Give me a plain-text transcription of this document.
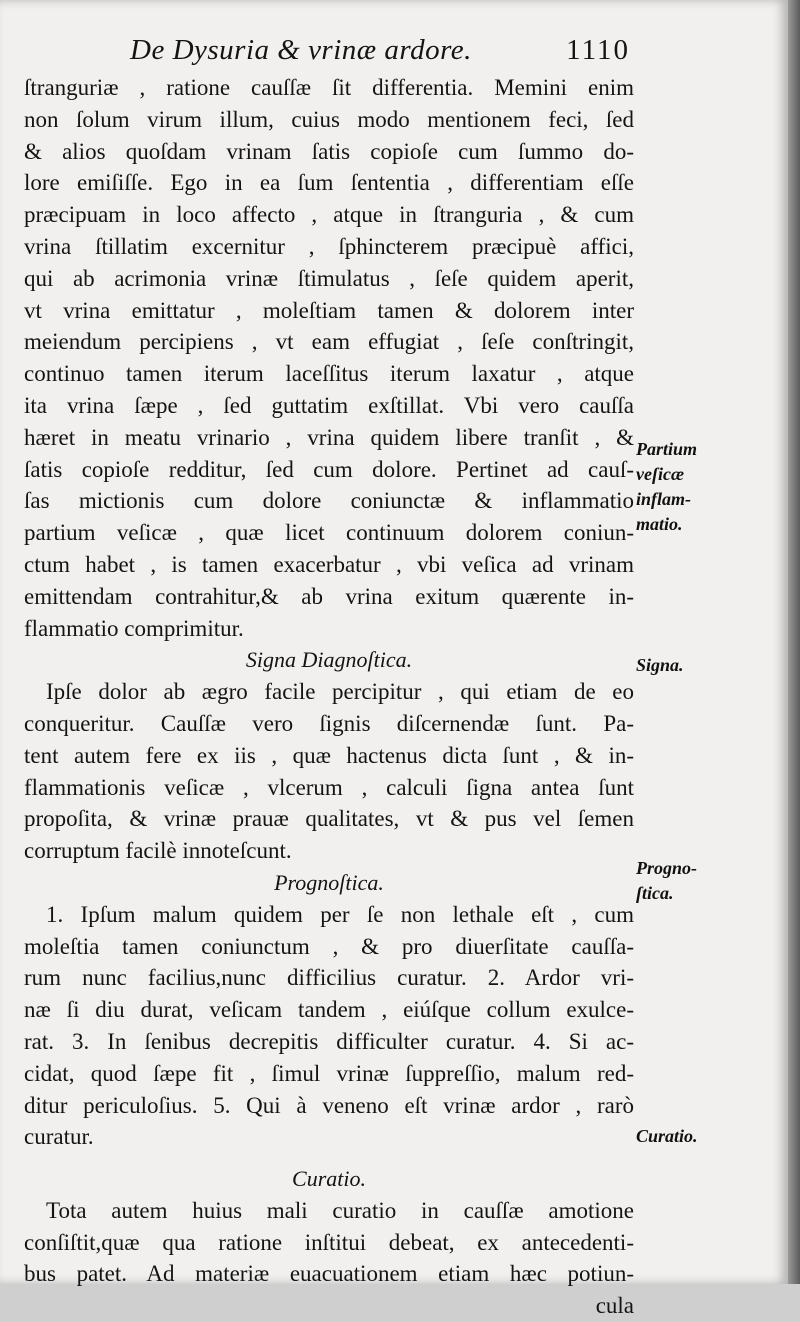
De Dysuria & vrinæ ardore.	1110
ſtranguriæ , ratione cauſſæ ſit differentia. Memini enim
non ſolum virum illum, cuius modo mentionem feci, ſed
& alios quoſdam vrinam ſatis copioſe cum ſummo do-
lore emiſiſſe. Ego in ea ſum ſententia , differentiam eſſe
præcipuam in loco affecto , atque in ſtranguria , & cum
vrina ſtillatim excernitur , ſphincterem præcipuè affici,
qui ab acrimonia vrinæ ſtimulatus , ſeſe quidem aperit,
vt vrina emittatur , moleſtiam tamen & dolorem inter
meiendum percipiens , vt eam effugiat , ſeſe conſtringit,
continuo tamen iterum laceſſitus iterum laxatur , atque
ita vrina ſæpe , ſed guttatim exſtillat. Vbi vero cauſſa
hæret in meatu vrinario , vrina quidem libere tranſit , &
ſatis copioſe redditur, ſed cum dolore. Pertinet ad cauſ-
ſas mictionis cum dolore coniunctæ & inflammatio
partium veſicæ , quæ licet continuum dolorem coniun-
ctum habet , is tamen exacerbatur , vbi veſica ad vrinam
emittendam contrahitur,& ab vrina exitum quærente in-
flammatio comprimitur.
Signa Diagnoſtica.
Ipſe dolor ab ægro facile percipitur , qui etiam de eo
conqueritur. Cauſſæ vero ſignis diſcernendæ ſunt. Pa-
tent autem fere ex iis , quæ hactenus dicta ſunt , & in-
flammationis veſicæ , vlcerum , calculi ſigna antea ſunt
propoſita, & vrinæ prauæ qualitates, vt & pus vel ſemen
corruptum facilè innoteſcunt.
Prognoſtica.
1. Ipſum malum quidem per ſe non lethale eſt , cum
moleſtia tamen coniunctum , & pro diuerſitate cauſſa-
rum nunc facilius,nunc difficilius curatur. 2. Ardor vri-
næ ſi diu durat, veſicam tandem , eiúſque collum exulce-
rat. 3. In ſenibus decrepitis difficulter curatur. 4. Si ac-
cidat, quod ſæpe fit , ſimul vrinæ ſuppreſſio, malum red-
ditur periculoſius. 5. Qui à veneno eſt vrinæ ardor , rarò
curatur.
Curatio.
Tota autem huius mali curatio in cauſſæ amotione
conſiſtit,quæ qua ratione inſtitui debeat, ex antecedenti-
bus patet. Ad materiæ euacuationem etiam hæc potiun-
cula
Partium
veſicæ
inflam-
matio.
Signa.
Progno-
ſtica.
Curatio.
